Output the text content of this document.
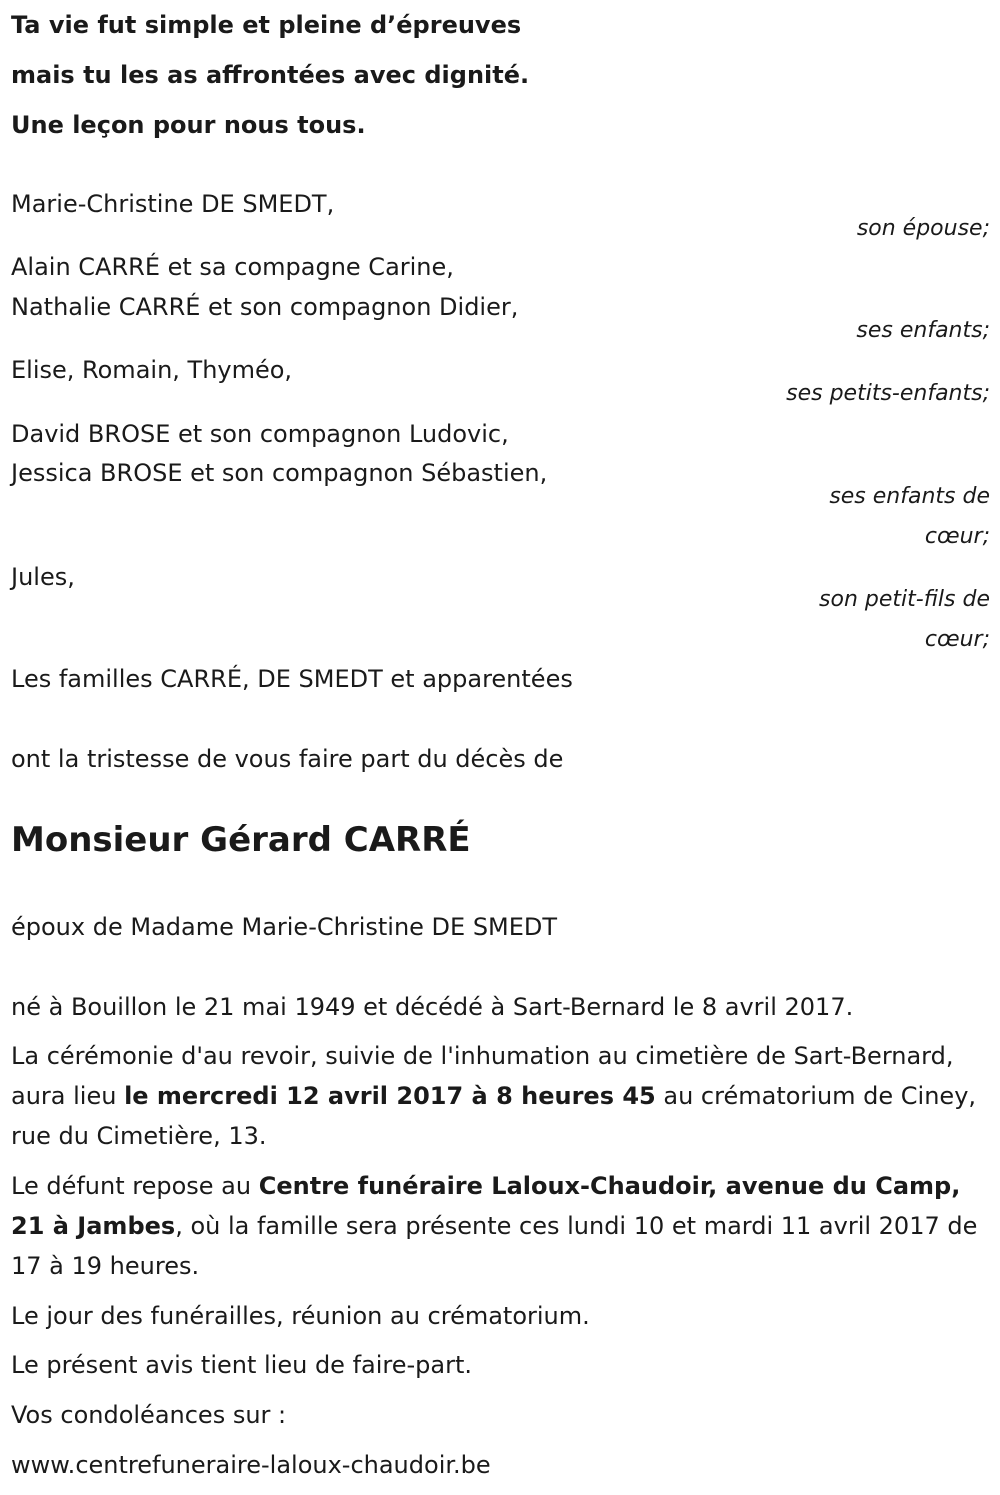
Ta vie fut simple et pleine d’épreuves
mais tu les as affrontées avec dignité.
Une leçon pour nous tous.
Marie-Christine DE SMEDT,
son épouse;
Alain CARRÉ et sa compagne Carine,
Nathalie CARRÉ et son compagnon Didier,
ses enfants;
Elise, Romain, Thyméo,
ses petits-enfants;
David BROSE et son compagnon Ludovic,
Jessica BROSE et son compagnon Sébastien,
ses enfants de
cœur;
Jules,
son petit-fils de
cœur;
Les familles CARRÉ, DE SMEDT et apparentées
ont la tristesse de vous faire part du décès de
Monsieur Gérard CARRÉ
époux de Madame Marie-Christine DE SMEDT
né à Bouillon le 21 mai 1949 et décédé à Sart-Bernard le 8 avril 2017.
La cérémonie d'au revoir, suivie de l'inhumation au cimetière de Sart-Bernard, aura lieu le mercredi 12 avril 2017 à 8 heures 45 au crématorium de Ciney, rue du Cimetière, 13.
Le défunt repose au Centre funéraire Laloux-Chaudoir, avenue du Camp, 21 à Jambes, où la famille sera présente ces lundi 10 et mardi 11 avril 2017 de 17 à 19 heures.
Le jour des funérailles, réunion au crématorium.
Le présent avis tient lieu de faire-part.
Vos condoléances sur :
www.centrefuneraire-laloux-chaudoir.be
